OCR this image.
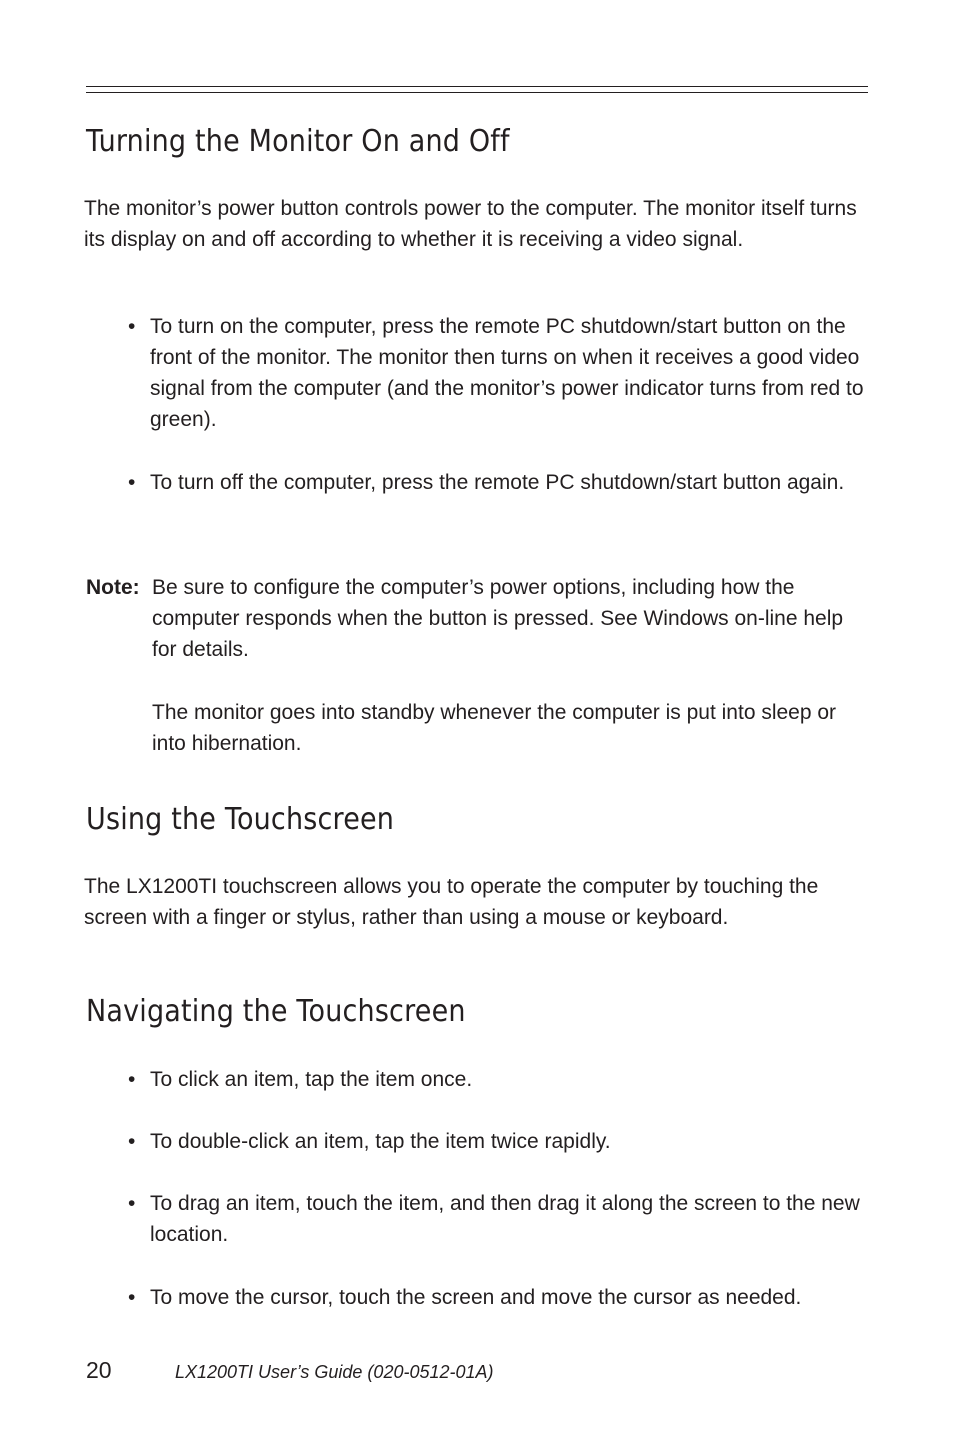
Turning the Monitor On and Off

The monitor’s power button controls power to the computer. The monitor itself turns its display on and off according to whether it is receiving a video signal.

• To turn on the computer, press the remote PC shutdown/start button on the front of the monitor. The monitor then turns on when it receives a good video signal from the computer (and the monitor’s power indicator turns from red to green).

• To turn off the computer, press the remote PC shutdown/start button again.

Note: Be sure to configure the computer’s power options, including how the computer responds when the button is pressed. See Windows on-line help for details.

The monitor goes into standby whenever the computer is put into sleep or into hibernation.

Using the Touchscreen

The LX1200TI touchscreen allows you to operate the computer by touching the screen with a finger or stylus, rather than using a mouse or keyboard.

Navigating the Touchscreen
• To click an item, tap the item once.

• To double-click an item, tap the item twice rapidly.

• To drag an item, touch the item, and then drag it along the screen to the new location.

• To move the cursor, touch the screen and move the cursor as needed.

20	LX1200TI User’s Guide (020-0512-01A)
